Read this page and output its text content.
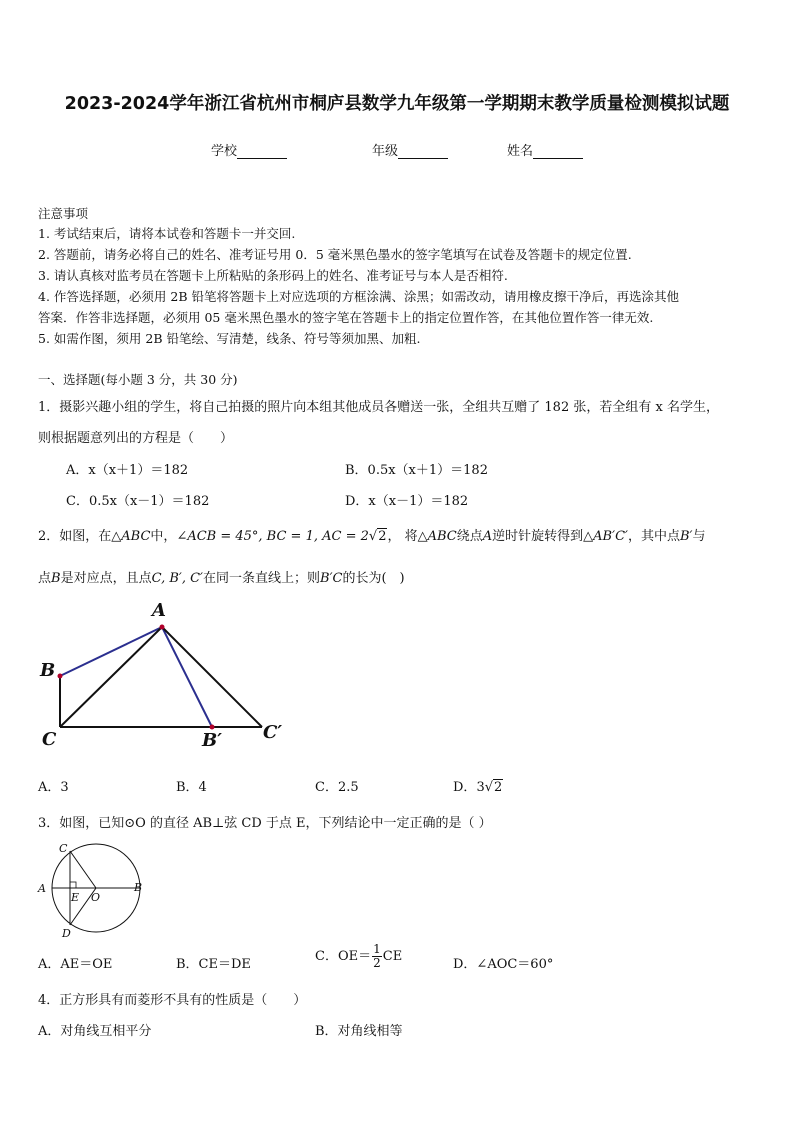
2023-2024学年浙江省杭州市桐庐县数学九年级第一学期期末教学质量检测模拟试题
学校	年级	姓名
注意事项
1. 考试结束后，请将本试卷和答题卡一并交回.
2. 答题前，请务必将自己的姓名、准考证号用 0．5 毫米黑色墨水的签字笔填写在试卷及答题卡的规定位置.
3. 请认真核对监考员在答题卡上所粘贴的条形码上的姓名、准考证号与本人是否相符.
4. 作答选择题，必须用 2B 铅笔将答题卡上对应选项的方框涂满、涂黑；如需改动，请用橡皮擦干净后，再选涂其他
答案．作答非选择题，必须用 05 毫米黑色墨水的签字笔在答题卡上的指定位置作答，在其他位置作答一律无效.
5. 如需作图，须用 2B 铅笔绘、写清楚，线条、符号等须加黑、加粗.
一、选择题(每小题 3 分，共 30 分)
1．摄影兴趣小组的学生，将自己拍摄的照片向本组其他成员各赠送一张，全组共互赠了 182 张，若全组有 x 名学生，
则根据题意列出的方程是（　　）
A．x（x＋1）＝182	B．0.5x（x＋1）＝182
C．0.5x（x－1）＝182	D．x（x－1）＝182
2．如图，在△ABC中，∠ACB = 45°, BC = 1, AC = 2√2， 将△ABC绕点A逆时针旋转得到△AB′C′，其中点B′与
点B是对应点，且点C, B′, C′在同一条直线上；则B′C的长为(　)
A
B
C	B′ C′
A．3	B．4	C．2.5	D．3√2
3．如图，已知⊙O 的直径 AB⊥弦 CD 于点 E，下列结论中一定正确的是（ ）
C
A	B
E O
D
A．AE＝OE	B．CE＝DE
C．$OE= \frac{1}{2}$ CE
D．∠AOC＝60°
4．正方形具有而菱形不具有的性质是（　　）
A．对角线互相平分	B．对角线相等
